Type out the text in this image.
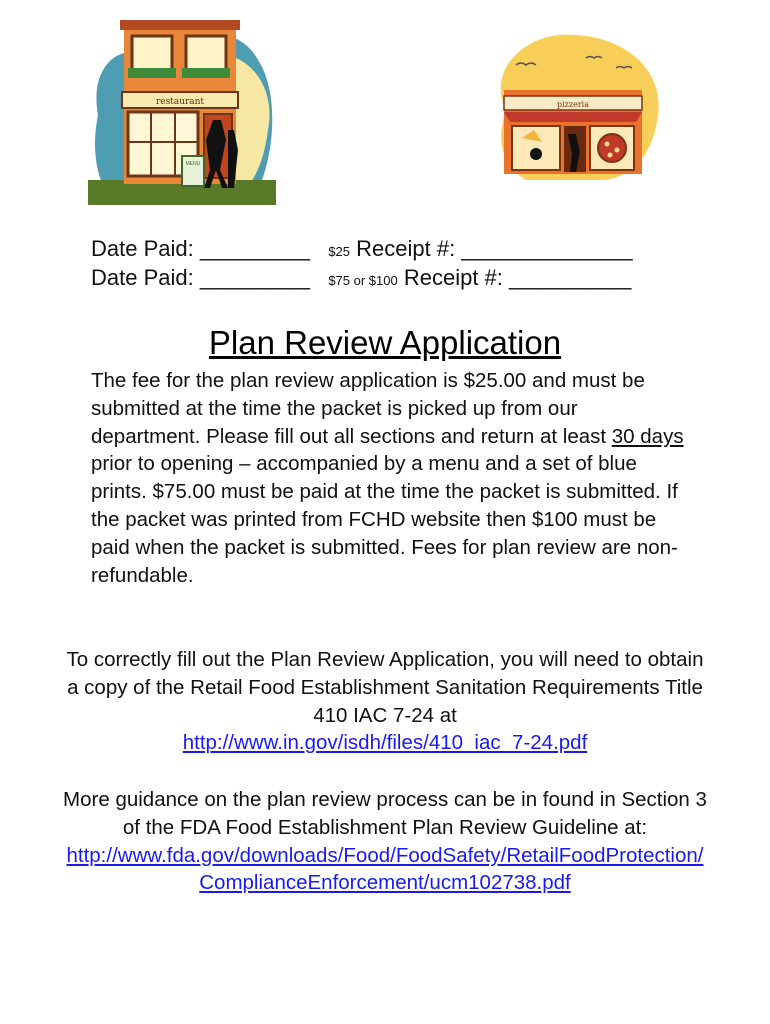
restaurant
MENU
pizzeria
Date Paid: _________ $25 Receipt #: ______________
Date Paid: _________ $75 or $100 Receipt #: __________
Plan Review Application

The fee for the plan review application is $25.00 and must be submitted at the time the packet is picked up from our department. Please fill out all sections and return at least 30 days prior to opening – accompanied by a menu and a set of blue prints. $75.00 must be paid at the time the packet is submitted. If the packet was printed from FCHD website then $100 must be paid when the packet is submitted. Fees for plan review are non-refundable.

To correctly fill out the Plan Review Application, you will need to obtain a copy of the Retail Food Establishment Sanitation Requirements Title 410 IAC 7-24 at
http://www.in.gov/isdh/files/410_iac_7-24.pdf

More guidance on the plan review process can be in found in Section 3 of the FDA Food Establishment Plan Review Guideline at:
http://www.fda.gov/downloads/Food/FoodSafety/RetailFoodProtection/ComplianceEnforcement/ucm102738.pdf
